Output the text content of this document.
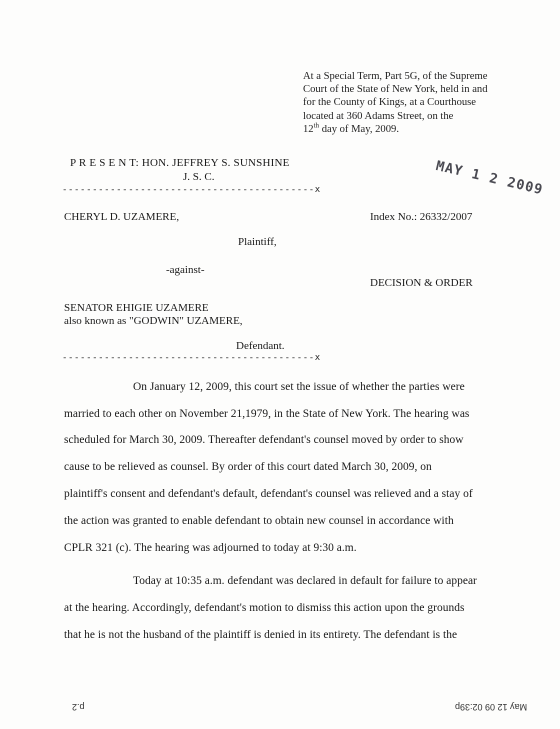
At a Special Term, Part 5G, of the Supreme
Court of the State of New York, held in and
for the County of Kings, at a Courthouse
located at 360 Adams Street, on the
12th day of May, 2009.
MAY 1 2 2009
P R E S E N T: HON. JEFFREY S. SUNSHINE
J. S. C.
------------------------------------------x
CHERYL D. UZAMERE,	Index No.: 26332/2007
Plaintiff,
-against-
DECISION & ORDER
SENATOR EHIGIE UZAMERE
also known as "GODWIN" UZAMERE,
Defendant.
------------------------------------------x
On January 12, 2009, this court set the issue of whether the parties were
married to each other on November 21,1979, in the State of New York. The hearing was
scheduled for March 30, 2009. Thereafter defendant's counsel moved by order to show
cause to be relieved as counsel. By order of this court dated March 30, 2009, on
plaintiff's consent and defendant's default, defendant's counsel was relieved and a stay of
the action was granted to enable defendant to obtain new counsel in accordance with
CPLR 321 (c). The hearing was adjourned to today at 9:30 a.m.
Today at 10:35 a.m. defendant was declared in default for failure to appear
at the hearing. Accordingly, defendant's motion to dismiss this action upon the grounds
that he is not the husband of the plaintiff is denied in its entirety. The defendant is the
p.2	May 12 09 02:39p
